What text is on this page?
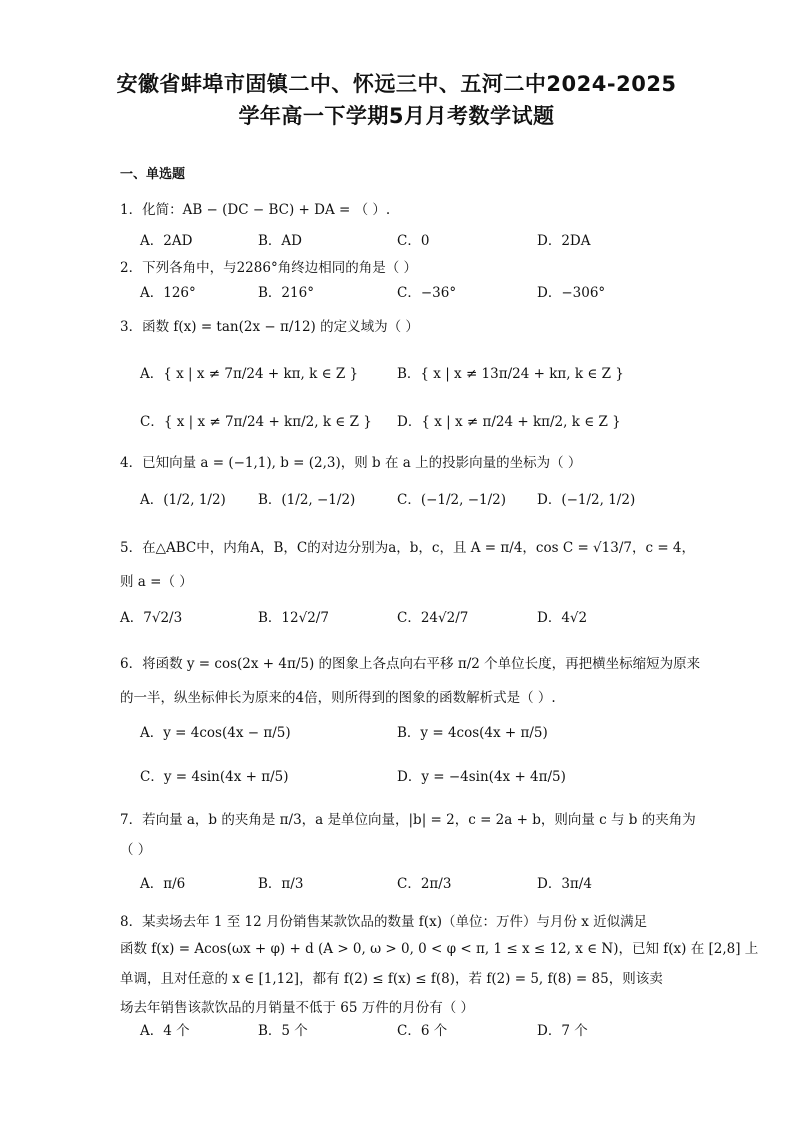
安徽省蚌埠市固镇二中、怀远三中、五河二中2024-2025
学年高一下学期5月月考数学试题
一、单选题
1．化简：AB − (DC − BC) + DA = （ ）.
A．2AD	B．AD	C．0	D．2DA
2．下列各角中，与2286°角终边相同的角是（ ）
A．126°	B．216°	C．−36°	D．−306°
3．函数 f(x) = tan(2x − π/12) 的定义域为（ ）
A．{ x | x ≠ 7π/24 + kπ, k ∈ Z }	B．{ x | x ≠ 13π/24 + kπ, k ∈ Z }
C．{ x | x ≠ 7π/24 + kπ/2, k ∈ Z } D．{ x | x ≠ π/24 + kπ/2, k ∈ Z }
4．已知向量 a = (−1,1), b = (2,3)，则 b 在 a 上的投影向量的坐标为（ ）
A．(1/2, 1/2) B．(1/2, −1/2)	C．(−1/2, −1/2) D．(−1/2, 1/2)
5．在△ABC中，内角A，B，C的对边分别为a，b，c，且 A = π/4，cos C = √13/7，c = 4，
则 a =（ ）
A．7√2/3	B．12√2/7	C．24√2/7	D．4√2
6．将函数 y = cos(2x + 4π/5) 的图象上各点向右平移 π/2 个单位长度，再把横坐标缩短为原来
的一半，纵坐标伸长为原来的4倍，则所得到的图象的函数解析式是（ ）.
A．y = 4cos(4x − π/5)	B．y = 4cos(4x + π/5)
C．y = 4sin(4x + π/5)	D．y = −4sin(4x + 4π/5)
7．若向量 a，b 的夹角是 π/3，a 是单位向量，|b| = 2，c = 2a + b，则向量 c 与 b 的夹角为
（ ）
A．π/6	B．π/3	C．2π/3	D．3π/4
8．某卖场去年 1 至 12 月份销售某款饮品的数量 f(x)（单位：万件）与月份 x 近似满足
函数 f(x) = Acos(ωx + φ) + d (A > 0, ω > 0, 0 < φ < π, 1 ≤ x ≤ 12, x ∈ N)，已知 f(x) 在 [2,8] 上
单调，且对任意的 x ∈ [1,12]，都有 f(2) ≤ f(x) ≤ f(8)，若 f(2) = 5, f(8) = 85，则该卖
场去年销售该款饮品的月销量不低于 65 万件的月份有（ ）
A．4 个	B．5 个	C．6 个	D．7 个
